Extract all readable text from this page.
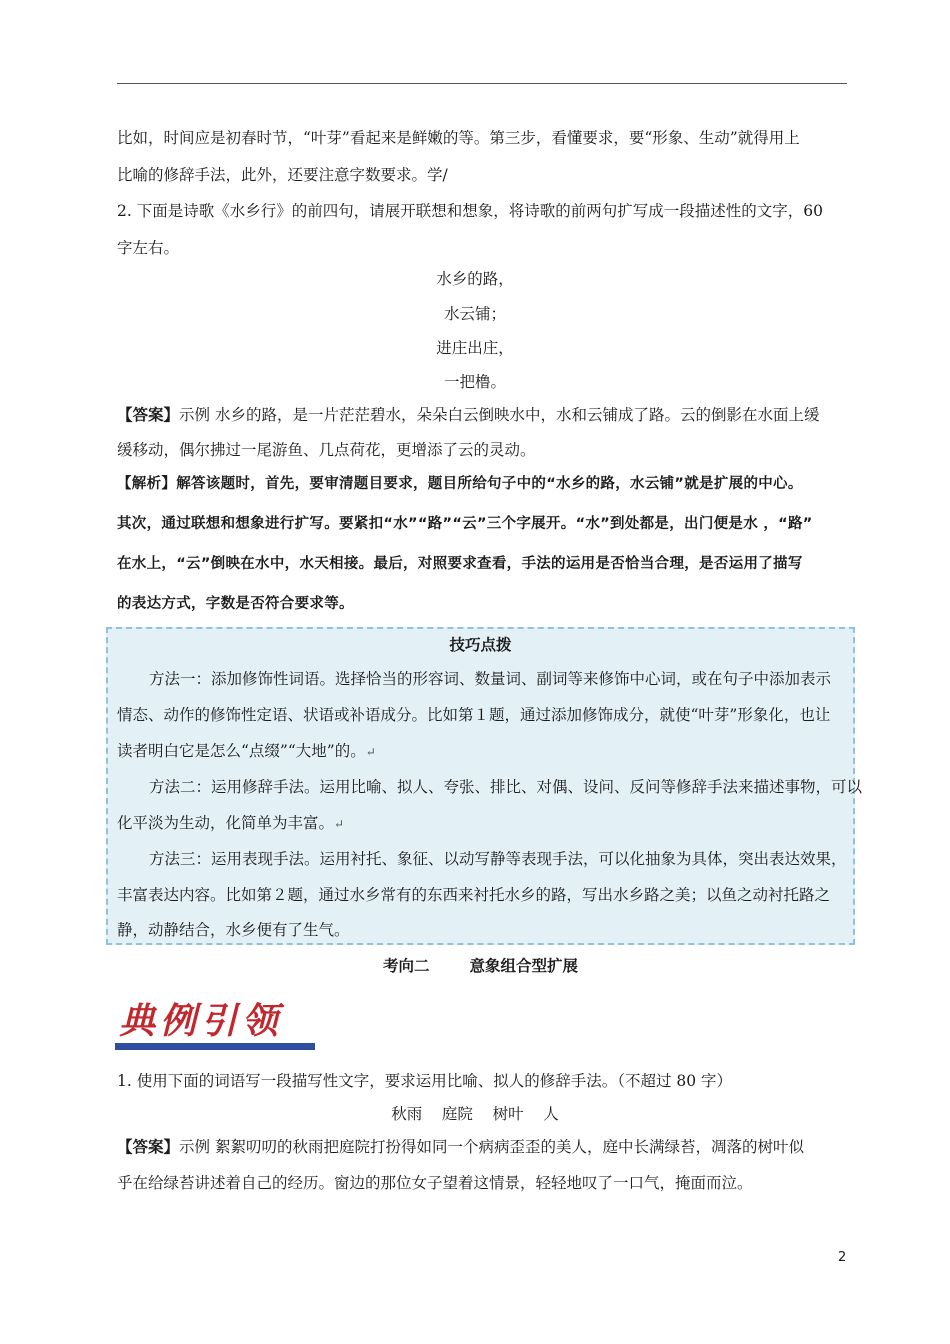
比如，时间应是初春时节，“叶芽”看起来是鲜嫩的等。第三步，看懂要求，要“形象、生动”就得用上
比喻的修辞手法，此外，还要注意字数要求。学/
2. 下面是诗歌《水乡行》的前四句，请展开联想和想象，将诗歌的前两句扩写成一段描述性的文字，60
字左右。
水乡的路，
水云铺；
进庄出庄，
一把橹。
【答案】示例 水乡的路，是一片茫茫碧水，朵朵白云倒映水中，水和云铺成了路。云的倒影在水面上缓
缓移动，偶尔拂过一尾游鱼、几点荷花，更增添了云的灵动。
【解析】解答该题时，首先，要审清题目要求，题目所给句子中的“水乡的路，水云铺”就是扩展的中心。
其次，通过联想和想象进行扩写。要紧扣“水”“路”“云”三个字展开。“水”到处都是，出门便是水 ，“路”
在水上，“云”倒映在水中，水天相接。最后，对照要求查看，手法的运用是否恰当合理，是否运用了描写
的表达方式，字数是否符合要求等。
技巧点拨
方法一：添加修饰性词语。选择恰当的形容词、数量词、副词等来修饰中心词，或在句子中添加表示
情态、动作的修饰性定语、状语或补语成分。比如第１题，通过添加修饰成分，就使“叶芽”形象化，也让
读者明白它是怎么“点缀”“大地”的。↵
方法二：运用修辞手法。运用比喻、拟人、夸张、排比、对偶、设问、反问等修辞手法来描述事物，可以
化平淡为生动，化简单为丰富。↵
方法三：运用表现手法。运用衬托、象征、以动写静等表现手法，可以化抽象为具体，突出表达效果，
丰富表达内容。比如第２题，通过水乡常有的东西来衬托水乡的路，写出水乡路之美；以鱼之动衬托路之
静，动静结合，水乡便有了生气。
考向二	意象组合型扩展
典例引领
1. 使用下面的词语写一段描写性文字，要求运用比喻、拟人的修辞手法。（不超过 80 字）
秋雨    庭院    树叶    人
【答案】示例 絮絮叨叨的秋雨把庭院打扮得如同一个病病歪歪的美人，庭中长满绿苔，凋落的树叶似
乎在给绿苔讲述着自己的经历。窗边的那位女子望着这情景，轻轻地叹了一口气，掩面而泣。
2
